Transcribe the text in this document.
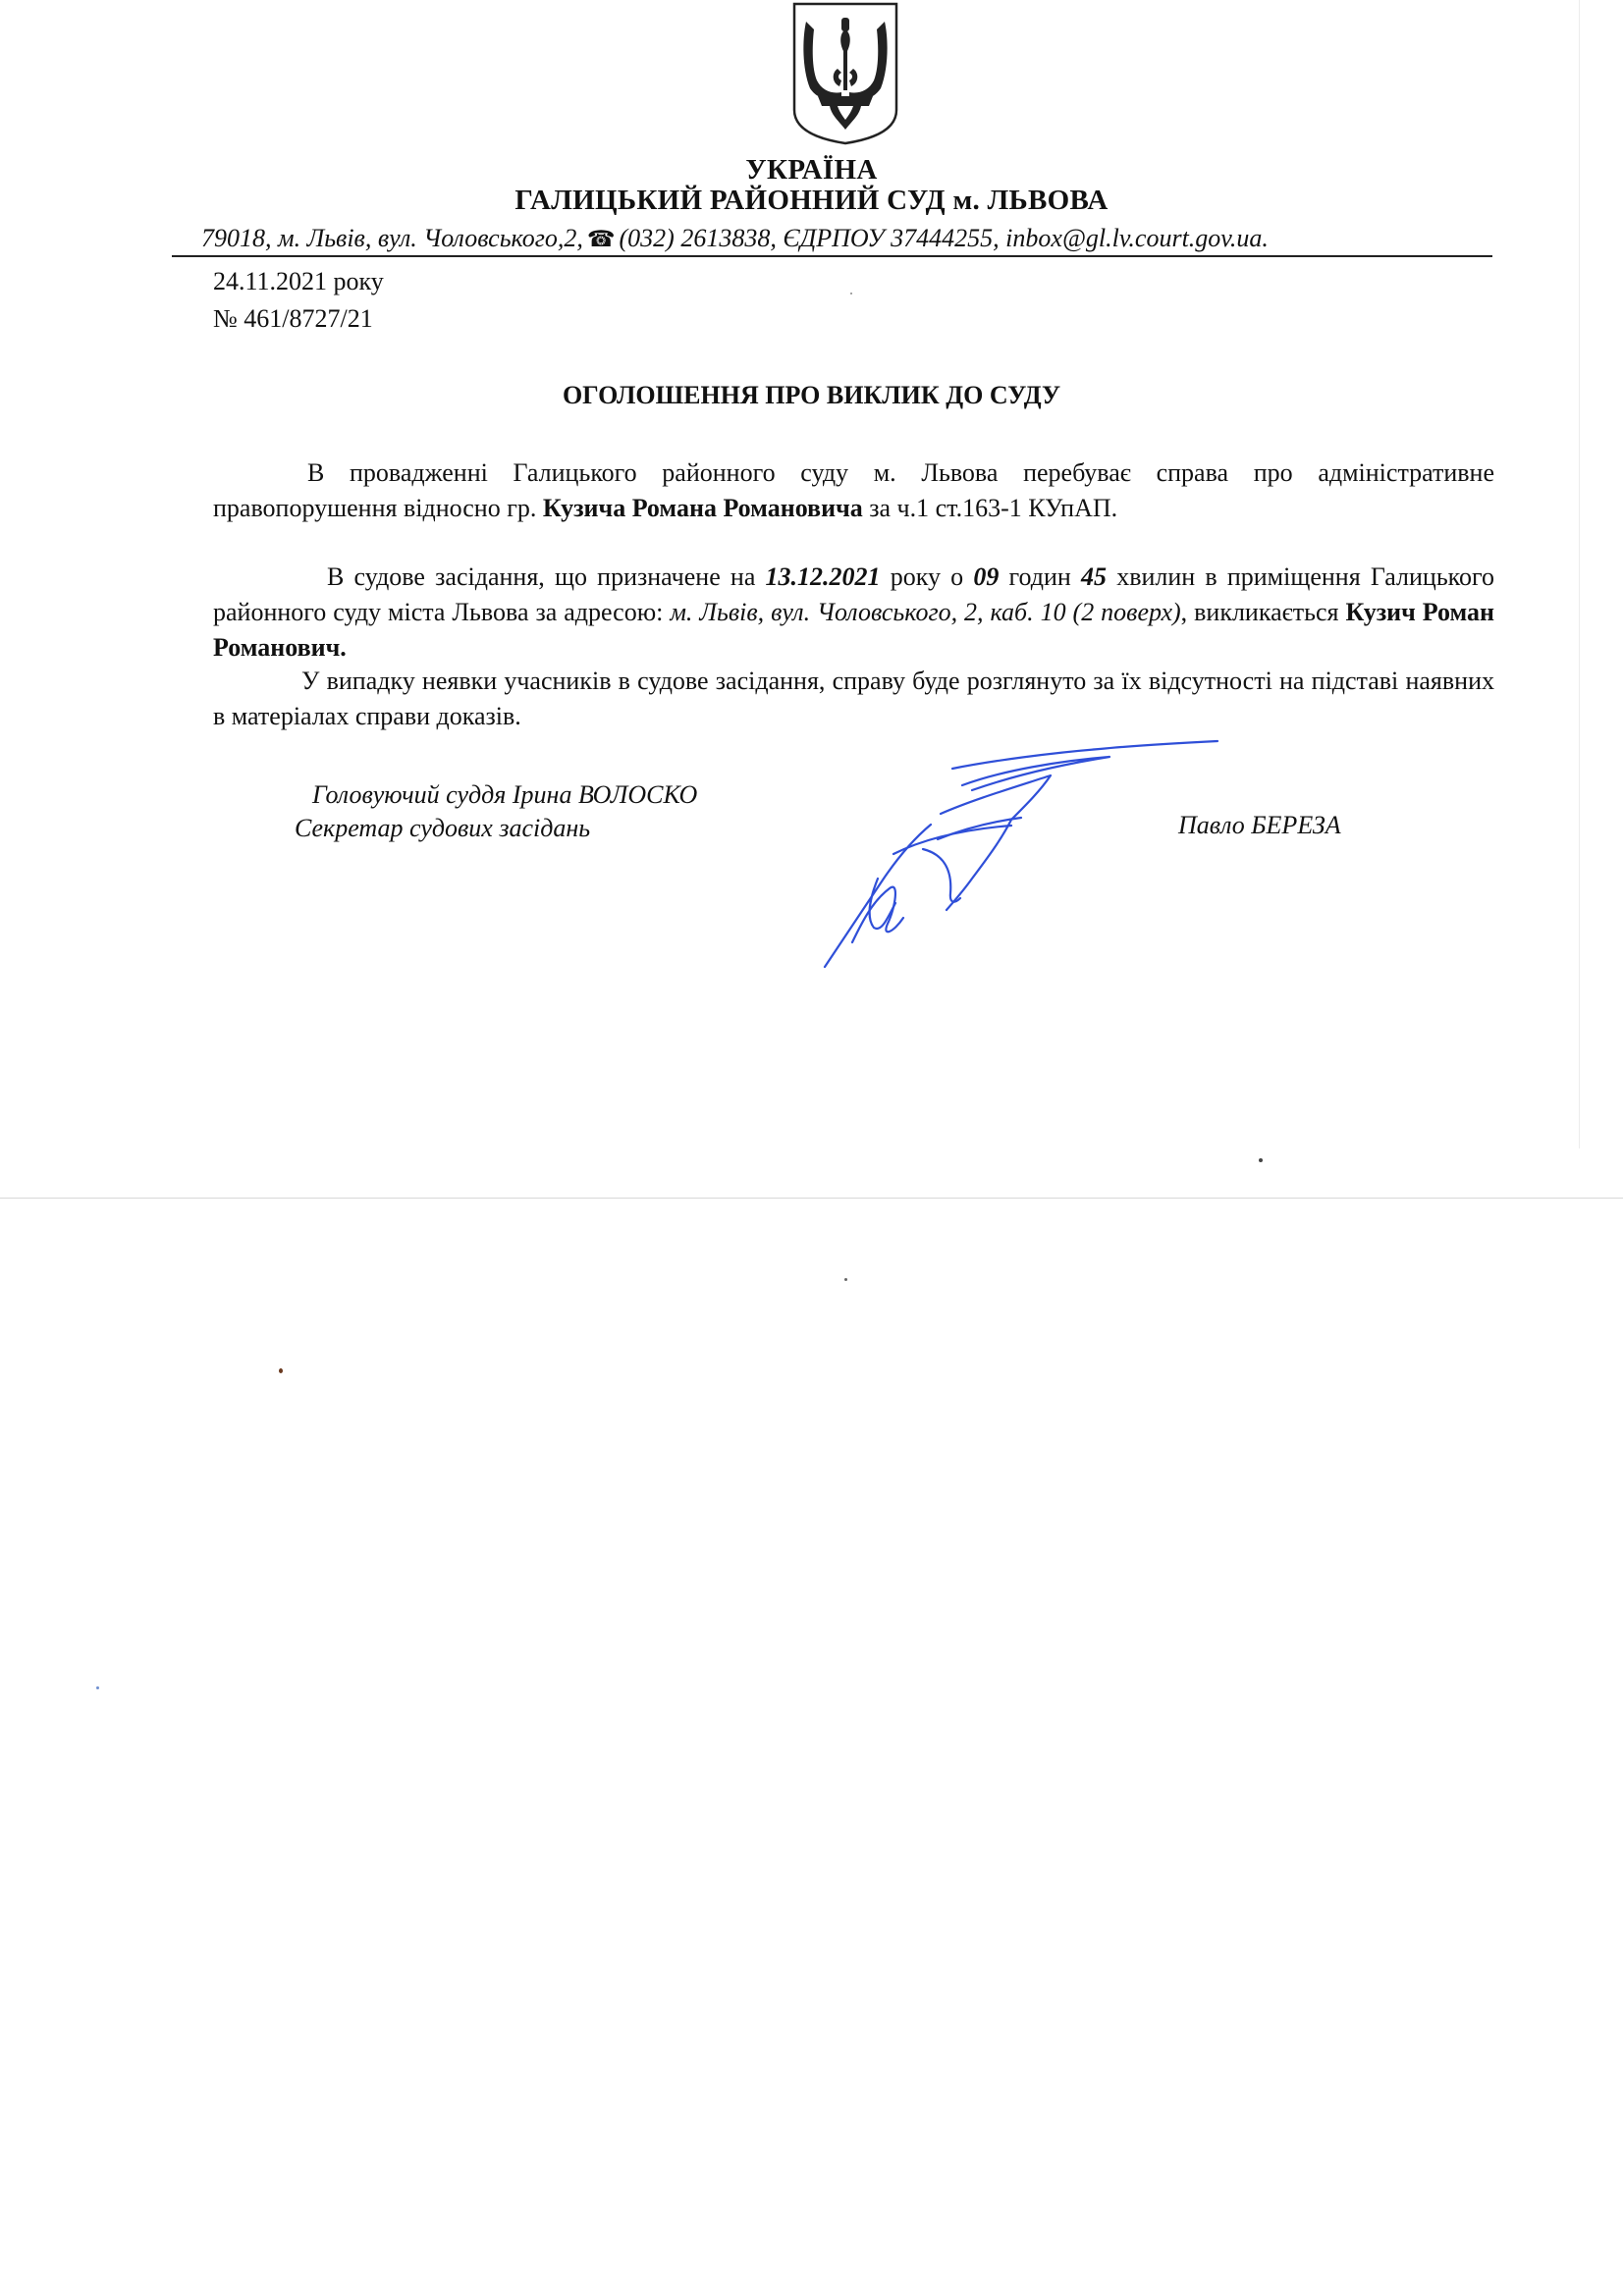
УКРАЇНА
ГАЛИЦЬКИЙ РАЙОННИЙ СУД м. ЛЬВОВА
79018, м. Львів, вул. Чоловського,2, ☎ (032) 2613838, ЄДРПОУ 37444255, inbox@gl.lv.court.gov.ua.
24.11.2021 року
№ 461/8727/21
ОГОЛОШЕННЯ ПРО ВИКЛИК ДО СУДУ
В провадженні Галицького районного суду м. Львова перебуває справа про адміністративне правопорушення відносно гр. Кузича Романа Романовича за ч.1 ст.163-1 КУпАП.
В судове засідання, що призначене на 13.12.2021 року о 09 годин 45 хвилин в приміщення Галицького районного суду міста Львова за адресою: м. Львів, вул. Чоловського, 2, каб. 10 (2 поверх), викликається Кузич Роман Романович.
У випадку неявки учасників в судове засідання, справу буде розглянуто за їх відсутності на підставі наявних в матеріалах справи доказів.
Головуючий суддя Ірина ВОЛОСКО
Секретар судових засідань	Павло БЕРЕЗА
